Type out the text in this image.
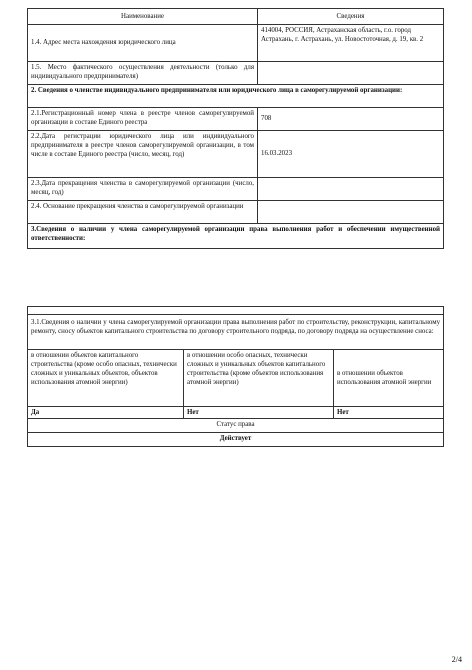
Наименование	Сведения
1.4. Адрес места нахождения юридического лица	414004, РОССИЯ, Астраханская область, г.о. город Астрахань, г. Астрахань, ул. Новостоточная, д. 19, кв. 2
1.5. Место фактического осуществления деятельности (только для индивидуального предпринимателя)	
2. Сведения о членстве индивидуального предпринимателя или юридического лица в саморегулируемой организации:	
2.1.Регистрационный номер члена в реестре членов саморегулируемой организации в составе Единого реестра	708
2.2.Дата регистрации юридического лица или индивидуального предпринимателя в реестре членов саморегулируемой организации, в том числе в составе Единого реестра (число, месяц, год)	16.03.2023
2.3.Дата прекращения членства в саморегулируемой организации (число, месяц, год)	
2.4. Основание прекращения членства в саморегулируемой организации	
3.Сведения о наличии у члена саморегулируемой организации права выполнения работ и обеспечении имущественной ответственности:	

3.1.Сведения о наличии у члена саморегулируемой организации права выполнения работ по строительству, реконструкции, капитальному ремонту, сносу объектов капитального строительства по договору строительного подряда, по договору подряда на осуществление сноса:		
в отношении объектов капитального строительства (кроме особо опасных, технически сложных и уникальных объектов, объектов использования атомной энергии)	в отношении особо опасных, технически сложных и уникальных объектов капитального строительства (кроме объектов использования атомной энергии)	в отношении объектов использования атомной энергии
Да	Нет	Нет
Статус права		
Действует		
2/4
